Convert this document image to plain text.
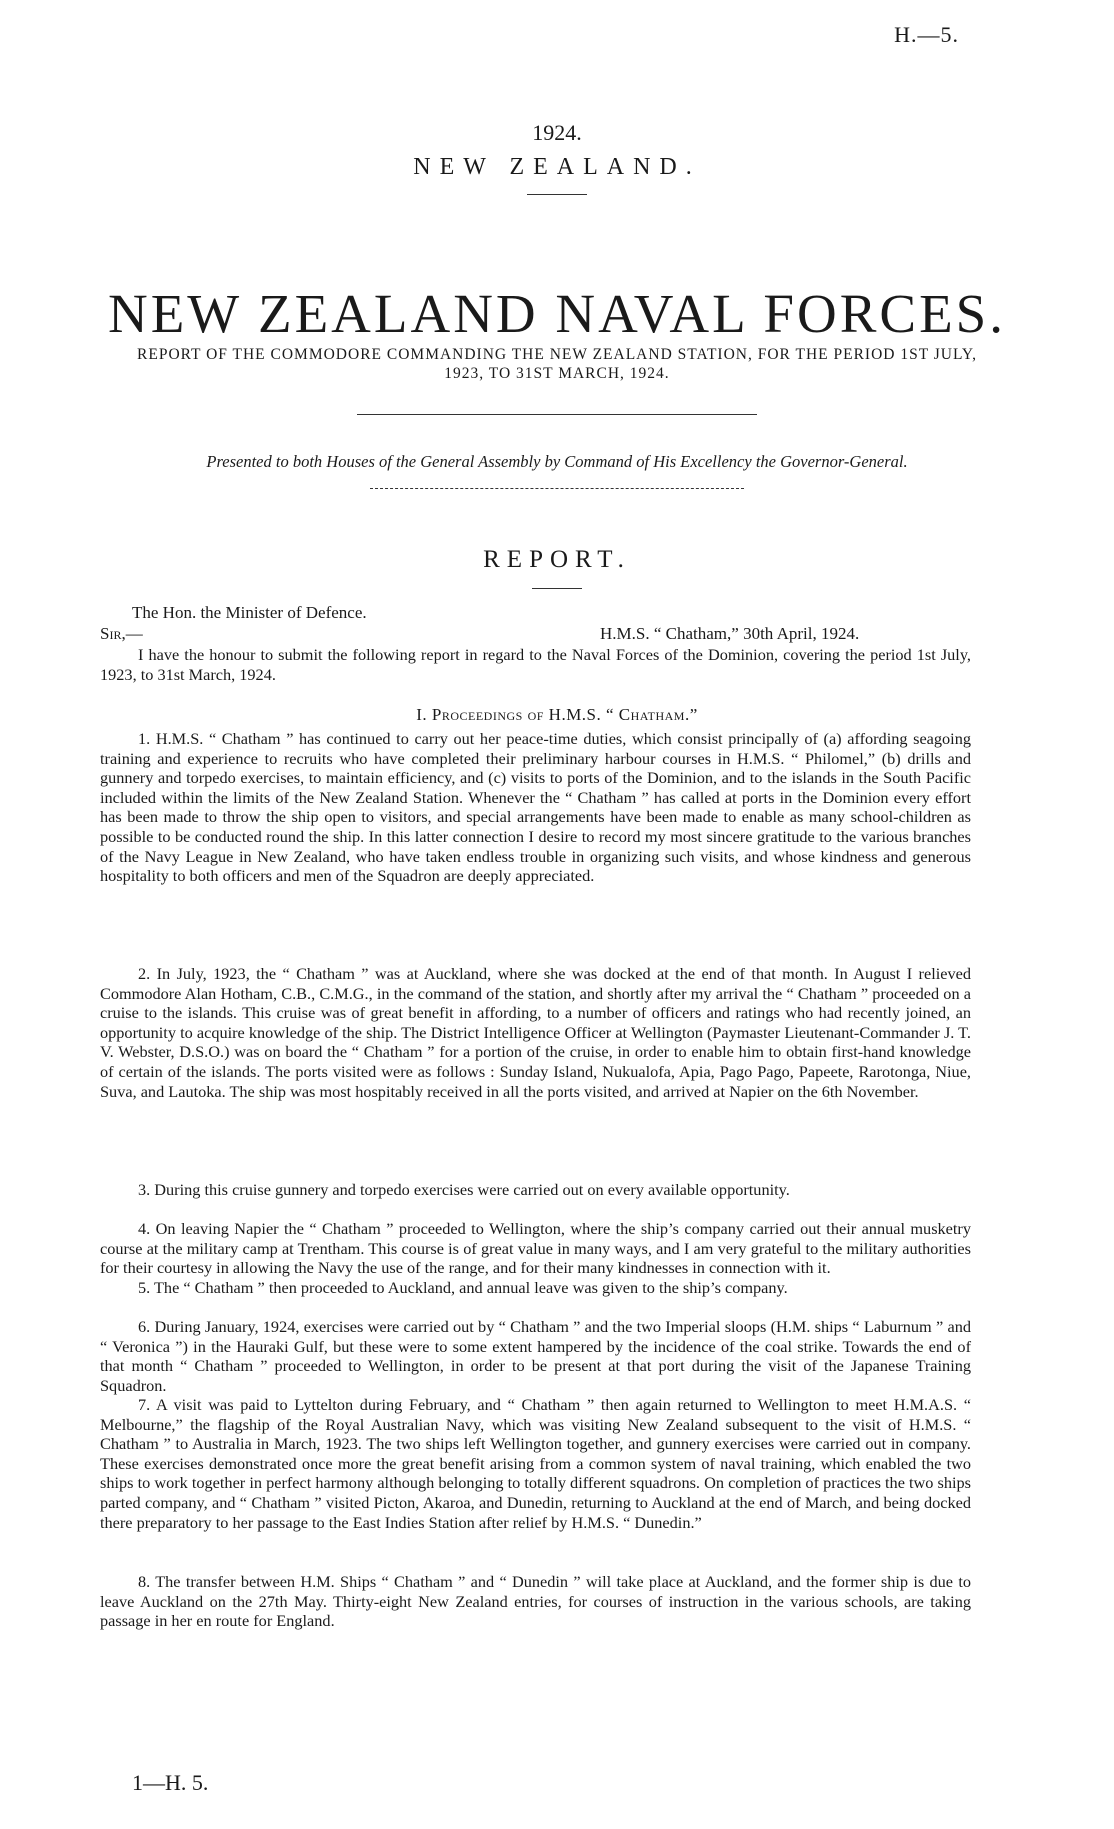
H.—5.
1924.
NEW ZEALAND.
NEW ZEALAND NAVAL FORCES.
REPORT OF THE COMMODORE COMMANDING THE NEW ZEALAND STATION, FOR THE PERIOD 1ST JULY, 1923, TO 31ST MARCH, 1924.
Presented to both Houses of the General Assembly by Command of His Excellency the Governor-General.
REPORT.
The Hon. the Minister of Defence.
Sir,—	H.M.S. “ Chatham,” 30th April, 1924.

I have the honour to submit the following report in regard to the Naval Forces of the Dominion, covering the period 1st July, 1923, to 31st March, 1924.

I. Proceedings of H.M.S. “ Chatham.”

1. H.M.S. “ Chatham ” has continued to carry out her peace-time duties, which consist principally of (a) affording seagoing training and experience to recruits who have completed their preliminary harbour courses in H.M.S. “ Philomel,” (b) drills and gunnery and torpedo exercises, to maintain efficiency, and (c) visits to ports of the Dominion, and to the islands in the South Pacific included within the limits of the New Zealand Station. Whenever the “ Chatham ” has called at ports in the Dominion every effort has been made to throw the ship open to visitors, and special arrangements have been made to enable as many school-children as possible to be conducted round the ship. In this latter connection I desire to record my most sincere gratitude to the various branches of the Navy League in New Zealand, who have taken endless trouble in organizing such visits, and whose kindness and generous hospitality to both officers and men of the Squadron are deeply appreciated.

2. In July, 1923, the “ Chatham ” was at Auckland, where she was docked at the end of that month. In August I relieved Commodore Alan Hotham, C.B., C.M.G., in the command of the station, and shortly after my arrival the “ Chatham ” proceeded on a cruise to the islands. This cruise was of great benefit in affording, to a number of officers and ratings who had recently joined, an opportunity to acquire knowledge of the ship. The District Intelligence Officer at Wellington (Paymaster Lieutenant-Commander J. T. V. Webster, D.S.O.) was on board the “ Chatham ” for a portion of the cruise, in order to enable him to obtain first-hand knowledge of certain of the islands. The ports visited were as follows : Sunday Island, Nukualofa, Apia, Pago Pago, Papeete, Rarotonga, Niue, Suva, and Lautoka. The ship was most hospitably received in all the ports visited, and arrived at Napier on the 6th November.

3. During this cruise gunnery and torpedo exercises were carried out on every available opportunity.

4. On leaving Napier the “ Chatham ” proceeded to Wellington, where the ship’s company carried out their annual musketry course at the military camp at Trentham. This course is of great value in many ways, and I am very grateful to the military authorities for their courtesy in allowing the Navy the use of the range, and for their many kindnesses in connection with it.

5. The “ Chatham ” then proceeded to Auckland, and annual leave was given to the ship’s company.

6. During January, 1924, exercises were carried out by “ Chatham ” and the two Imperial sloops (H.M. ships “ Laburnum ” and “ Veronica ”) in the Hauraki Gulf, but these were to some extent hampered by the incidence of the coal strike. Towards the end of that month “ Chatham ” proceeded to Wellington, in order to be present at that port during the visit of the Japanese Training Squadron.

7. A visit was paid to Lyttelton during February, and “ Chatham ” then again returned to Wellington to meet H.M.A.S. “ Melbourne,” the flagship of the Royal Australian Navy, which was visiting New Zealand subsequent to the visit of H.M.S. “ Chatham ” to Australia in March, 1923. The two ships left Wellington together, and gunnery exercises were carried out in company. These exercises demonstrated once more the great benefit arising from a common system of naval training, which enabled the two ships to work together in perfect harmony although belonging to totally different squadrons. On completion of practices the two ships parted company, and “ Chatham ” visited Picton, Akaroa, and Dunedin, returning to Auckland at the end of March, and being docked there preparatory to her passage to the East Indies Station after relief by H.M.S. “ Dunedin.”

8. The transfer between H.M. Ships “ Chatham ” and “ Dunedin ” will take place at Auckland, and the former ship is due to leave Auckland on the 27th May. Thirty-eight New Zealand entries, for courses of instruction in the various schools, are taking passage in her en route for England.

1—H. 5.
